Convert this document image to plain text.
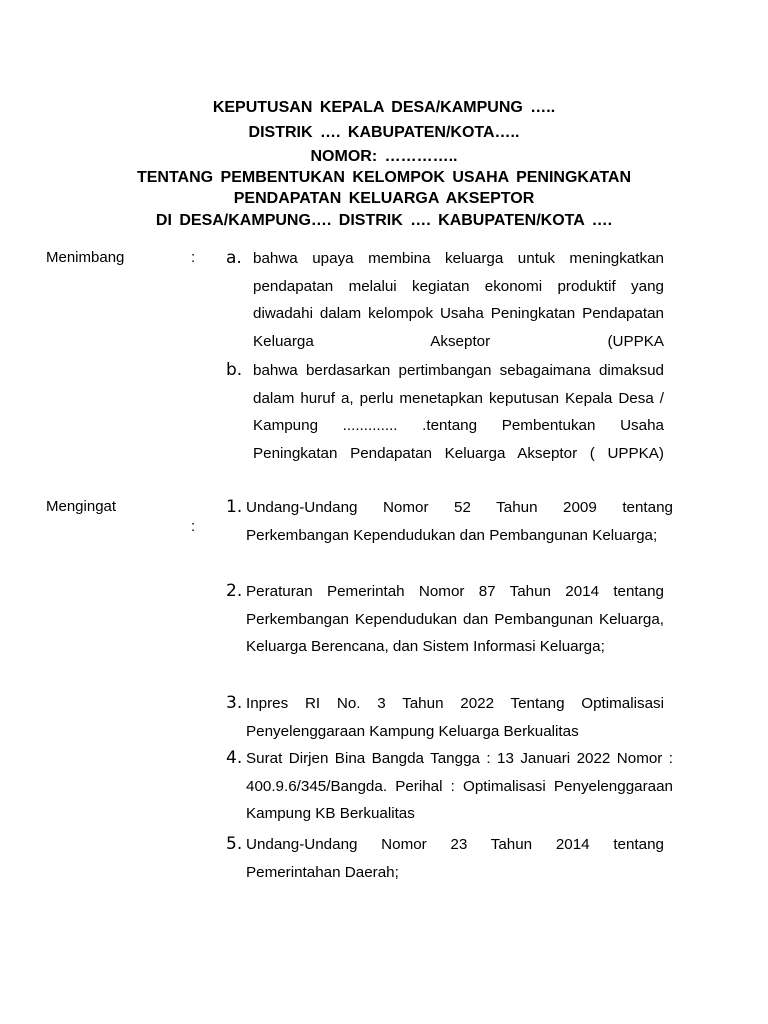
KEPUTUSAN KEPALA DESA/KAMPUNG …..
DISTRIK …. KABUPATEN/KOTA…..
NOMOR: …………..
TENTANG PEMBENTUKAN KELOMPOK USAHA PENINGKATAN
PENDAPATAN KELUARGA AKSEPTOR
DI DESA/KAMPUNG…. DISTRIK …. KABUPATEN/KOTA ….
Menimbang	: a. bahwa upaya membina keluarga untuk meningkatkan pendapatan melalui kegiatan ekonomi produktif yang diwadahi dalam kelompok Usaha Peningkatan Pendapatan Keluarga Akseptor (UPPKA
b. bahwa berdasarkan pertimbangan sebagaimana dimaksud dalam huruf a, perlu menetapkan keputusan Kepala Desa / Kampung ............. .tentang Pembentukan Usaha Peningkatan Pendapatan Keluarga Akseptor ( UPPKA)
Mengingat
:
1. Undang-Undang Nomor 52 Tahun 2009 tentang Perkembangan Kependudukan dan Pembangunan Keluarga;
2. Peraturan Pemerintah Nomor 87 Tahun 2014 tentang Perkembangan Kependudukan dan Pembangunan Keluarga, Keluarga Berencana, dan Sistem Informasi Keluarga;
3. Inpres RI No. 3 Tahun 2022 Tentang Optimalisasi Penyelenggaraan Kampung Keluarga Berkualitas
4. Surat Dirjen Bina Bangda Tangga : 13 Januari 2022 Nomor : 400.9.6/345/Bangda. Perihal : Optimalisasi Penyelenggaraan Kampung KB Berkualitas
5. Undang-Undang Nomor 23 Tahun 2014 tentang Pemerintahan Daerah;
